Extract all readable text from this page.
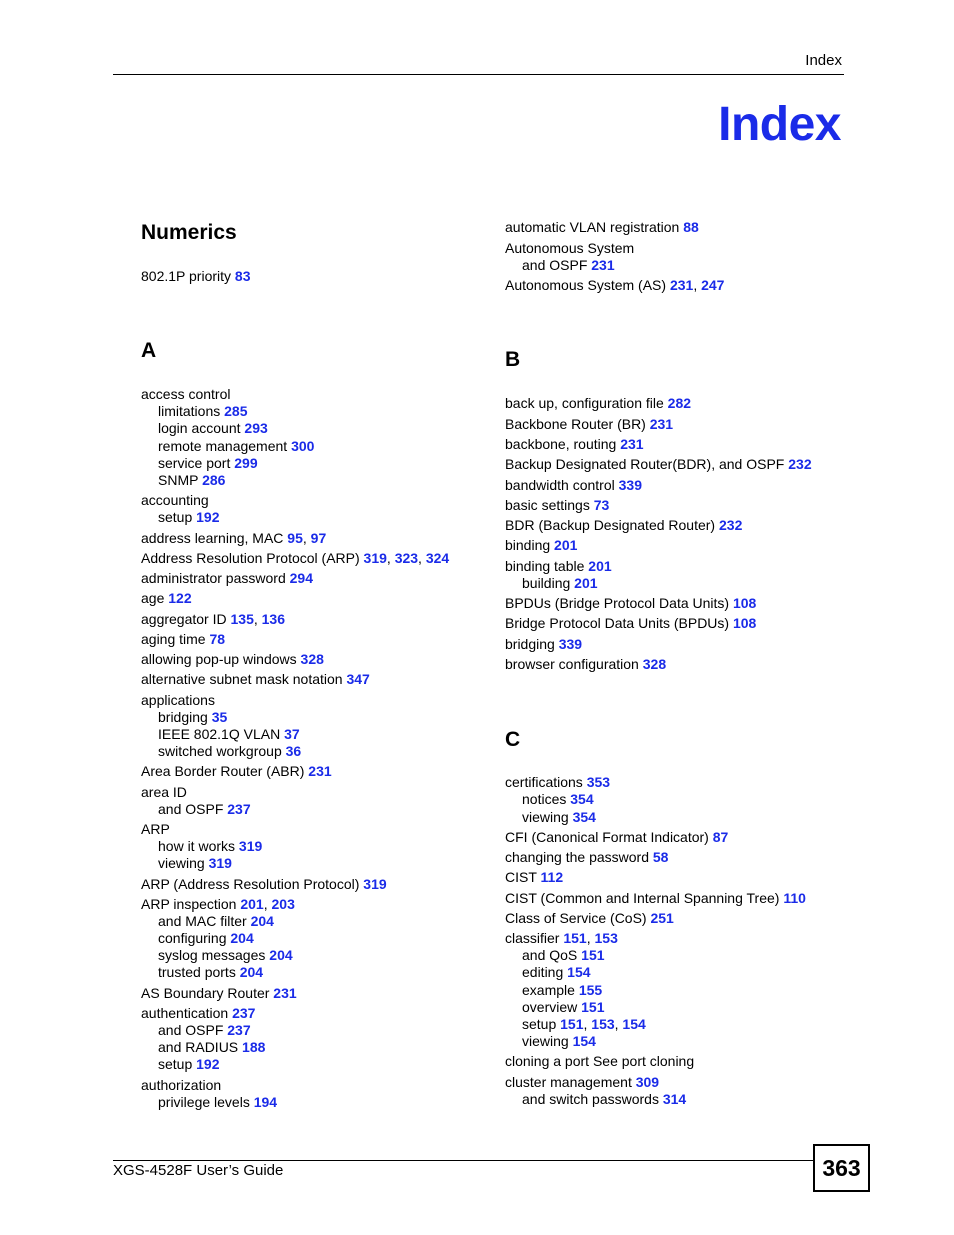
Index
Index
Numerics
802.1P priority 83
A
access control
limitations 285
login account 293
remote management 300
service port 299
SNMP 286
accounting
setup 192
address learning, MAC 95, 97
Address Resolution Protocol (ARP) 319, 323, 324
administrator password 294
age 122
aggregator ID 135, 136
aging time 78
allowing pop-up windows 328
alternative subnet mask notation 347
applications
bridging 35
IEEE 802.1Q VLAN 37
switched workgroup 36
Area Border Router (ABR) 231
area ID
and OSPF 237
ARP
how it works 319
viewing 319
ARP (Address Resolution Protocol) 319
ARP inspection 201, 203
and MAC filter 204
configuring 204
syslog messages 204
trusted ports 204
AS Boundary Router 231
authentication 237
and OSPF 237
and RADIUS 188
setup 192
authorization
privilege levels 194
automatic VLAN registration 88
Autonomous System
and OSPF 231
Autonomous System (AS) 231, 247
B
back up, configuration file 282
Backbone Router (BR) 231
backbone, routing 231
Backup Designated Router(BDR), and OSPF 232
bandwidth control 339
basic settings 73
BDR (Backup Designated Router) 232
binding 201
binding table 201
building 201
BPDUs (Bridge Protocol Data Units) 108
Bridge Protocol Data Units (BPDUs) 108
bridging 339
browser configuration 328
C
certifications 353
notices 354
viewing 354
CFI (Canonical Format Indicator) 87
changing the password 58
CIST 112
CIST (Common and Internal Spanning Tree) 110
Class of Service (CoS) 251
classifier 151, 153
and QoS 151
editing 154
example 155
overview 151
setup 151, 153, 154
viewing 154
cloning a port See port cloning
cluster management 309
and switch passwords 314
XGS-4528F User’s Guide	363
